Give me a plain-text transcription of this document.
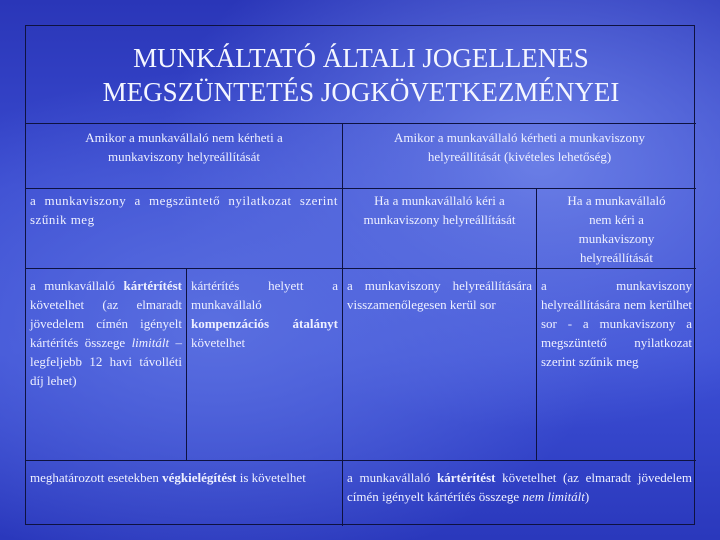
MUNKÁLTATÓ ÁLTALI JOGELLENES
MEGSZÜNTETÉS JOGKÖVETKEZMÉNYEI
Amikor a munkavállaló nem kérheti a munkaviszony helyreállítását
Amikor a munkavállaló kérheti a munkaviszony helyreállítását (kivételes lehetőség)
a munkaviszony a megszüntető nyilatkozat szerint szűnik meg
Ha a munkavállaló kéri a munkaviszony helyreállítását
Ha a munkavállaló nem kéri a munkaviszony helyreállítását
a munkavállaló kártérítést követelhet (az elmaradt jövedelem címén igényelt kártérítés összege limitált – legfeljebb 12 havi távolléti díj lehet)
kártérítés helyett a munkavállaló kompenzációs átalányt követelhet
a munkaviszony helyreállítására visszamenőlegesen kerül sor
a munkaviszony helyreállítására nem kerülhet sor - a munkaviszony a megszüntető nyilatkozat szerint szűnik meg
meghatározott esetekben végkielégítést is követelhet	a munkavállaló kártérítést követelhet (az elmaradt jövedelem címén igényelt kártérítés összege nem limitált)
